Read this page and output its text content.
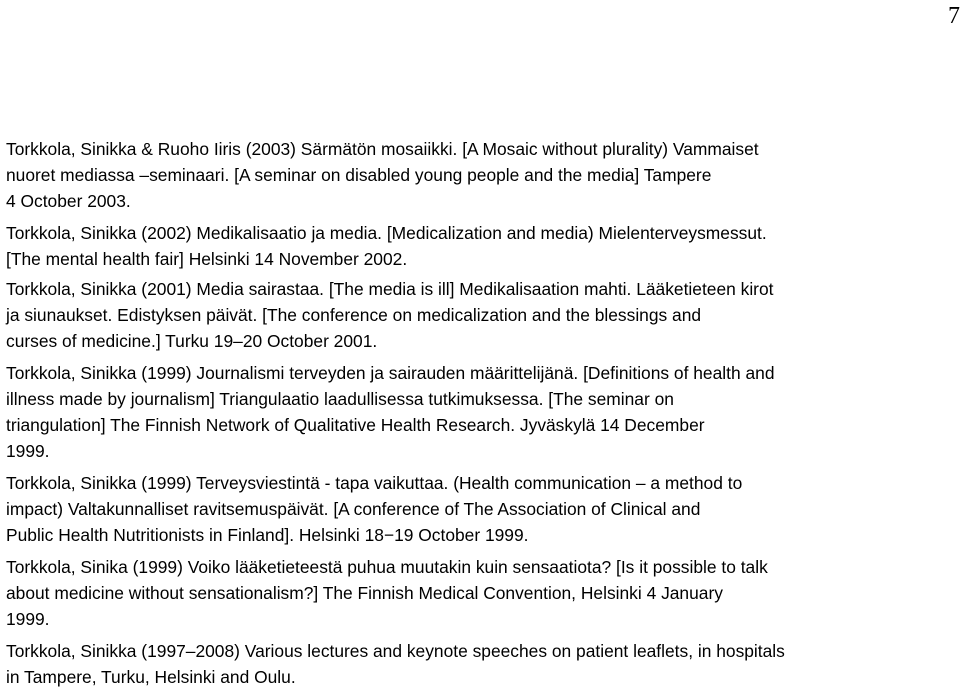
7
Torkkola, Sinikka & Ruoho Iiris (2003) Särmätön mosaiikki. [A Mosaic without plurality) Vammaiset
nuoret mediassa –seminaari. [A seminar on disabled young people and the media] Tampere
4 October 2003.
Torkkola, Sinikka (2002) Medikalisaatio ja media. [Medicalization and media) Mielenterveysmessut.
[The mental health fair] Helsinki 14 November 2002.
Torkkola, Sinikka (2001) Media sairastaa. [The media is ill] Medikalisaation mahti. Lääketieteen kirot
ja siunaukset. Edistyksen päivät. [The conference on medicalization and the blessings and
curses of medicine.] Turku 19–20 October 2001.
Torkkola, Sinikka (1999) Journalismi terveyden ja sairauden määrittelijänä. [Definitions of health and
illness made by journalism] Triangulaatio laadullisessa tutkimuksessa. [The seminar on
triangulation] The Finnish Network of Qualitative Health Research. Jyväskylä 14 December
1999.
Torkkola, Sinikka (1999) Terveysviestintä - tapa vaikuttaa. (Health communication – a method to
impact) Valtakunnalliset ravitsemuspäivät. [A conference of The Association of Clinical and
Public Health Nutritionists in Finland]. Helsinki 18−19 October 1999.
Torkkola, Sinika (1999) Voiko lääketieteestä puhua muutakin kuin sensaatiota? [Is it possible to talk
about medicine without sensationalism?] The Finnish Medical Convention, Helsinki 4 January
1999.
Torkkola, Sinikka (1997–2008) Various lectures and keynote speeches on patient leaflets, in hospitals
in Tampere, Turku, Helsinki and Oulu.
